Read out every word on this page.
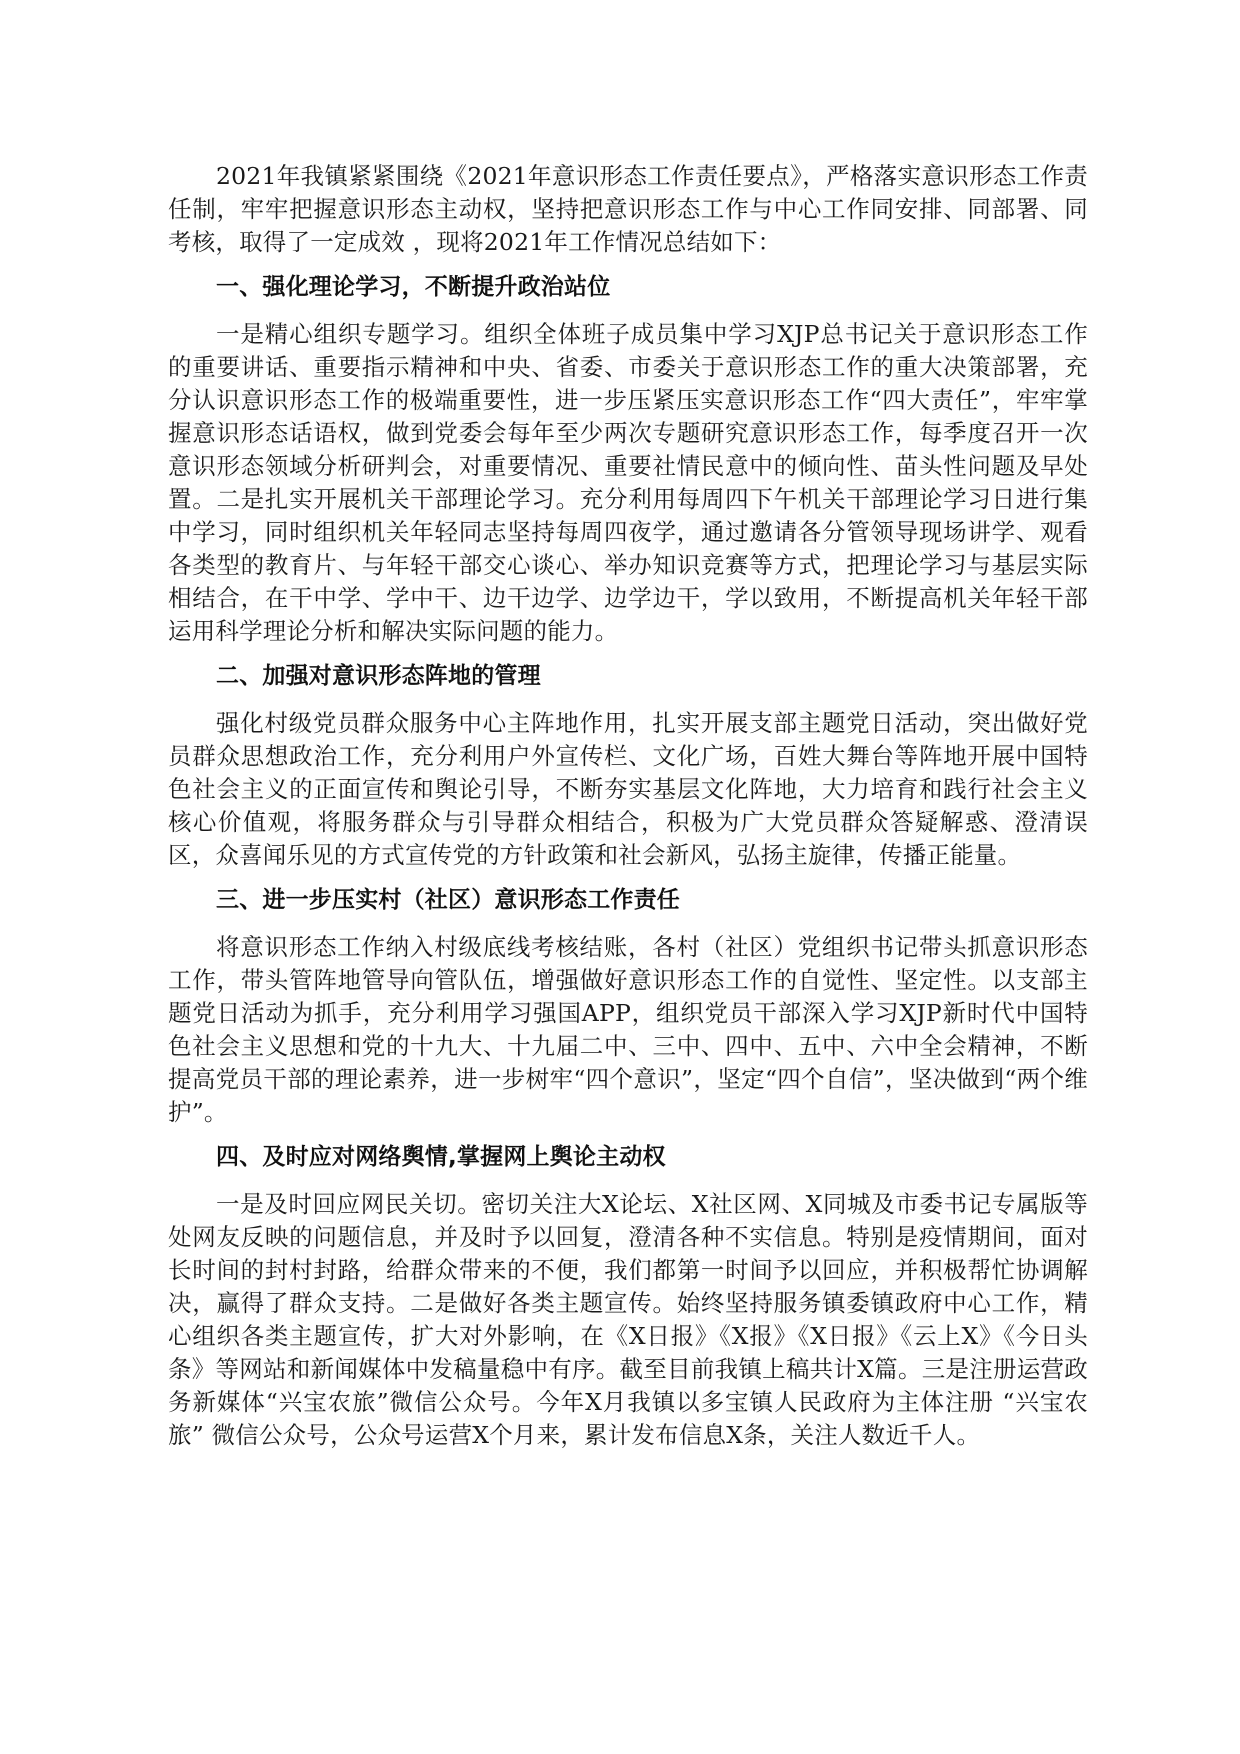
2021年我镇紧紧围绕《2021年意识形态工作责任要点》，严格落实意识形态工作责任制，牢牢把握意识形态主动权，坚持把意识形态工作与中心工作同安排、同部署、同考核，取得了一定成效 ，现将2021年工作情况总结如下：

一、强化理论学习，不断提升政治站位

一是精心组织专题学习。组织全体班子成员集中学习XJP总书记关于意识形态工作的重要讲话、重要指示精神和中央、省委、市委关于意识形态工作的重大决策部署，充分认识意识形态工作的极端重要性，进一步压紧压实意识形态工作“四大责任”，牢牢掌握意识形态话语权，做到党委会每年至少两次专题研究意识形态工作，每季度召开一次意识形态领域分析研判会，对重要情况、重要社情民意中的倾向性、苗头性问题及早处置。二是扎实开展机关干部理论学习。充分利用每周四下午机关干部理论学习日进行集中学习，同时组织机关年轻同志坚持每周四夜学，通过邀请各分管领导现场讲学、观看各类型的教育片、与年轻干部交心谈心、举办知识竞赛等方式，把理论学习与基层实际相结合，在干中学、学中干、边干边学、边学边干，学以致用，不断提高机关年轻干部运用科学理论分析和解决实际问题的能力。

二、加强对意识形态阵地的管理

强化村级党员群众服务中心主阵地作用，扎实开展支部主题党日活动，突出做好党员群众思想政治工作，充分利用户外宣传栏、文化广场，百姓大舞台等阵地开展中国特色社会主义的正面宣传和舆论引导，不断夯实基层文化阵地，大力培育和践行社会主义核心价值观，将服务群众与引导群众相结合，积极为广大党员群众答疑解惑、澄清误区，众喜闻乐见的方式宣传党的方针政策和社会新风，弘扬主旋律，传播正能量。

三、进一步压实村（社区）意识形态工作责任

将意识形态工作纳入村级底线考核结账，各村（社区）党组织书记带头抓意识形态工作，带头管阵地管导向管队伍，增强做好意识形态工作的自觉性、坚定性。以支部主题党日活动为抓手，充分利用学习强国APP，组织党员干部深入学习XJP新时代中国特色社会主义思想和党的十九大、十九届二中、三中、四中、五中、六中全会精神，不断提高党员干部的理论素养，进一步树牢“四个意识”，坚定“四个自信”，坚决做到“两个维护”。

四、及时应对网络舆情,掌握网上舆论主动权

一是及时回应网民关切。密切关注大X论坛、X社区网、X同城及市委书记专属版等处网友反映的问题信息，并及时予以回复，澄清各种不实信息。特别是疫情期间，面对长时间的封村封路，给群众带来的不便，我们都第一时间予以回应，并积极帮忙协调解决，赢得了群众支持。二是做好各类主题宣传。始终坚持服务镇委镇政府中心工作，精心组织各类主题宣传，扩大对外影响，在《X日报》《X报》《X日报》《云上X》《今日头条》等网站和新闻媒体中发稿量稳中有序。截至目前我镇上稿共计X篇。三是注册运营政务新媒体“兴宝农旅”微信公众号。今年X月我镇以多宝镇人民政府为主体注册 “兴宝农旅” 微信公众号，公众号运营X个月来，累计发布信息X条，关注人数近千人。
